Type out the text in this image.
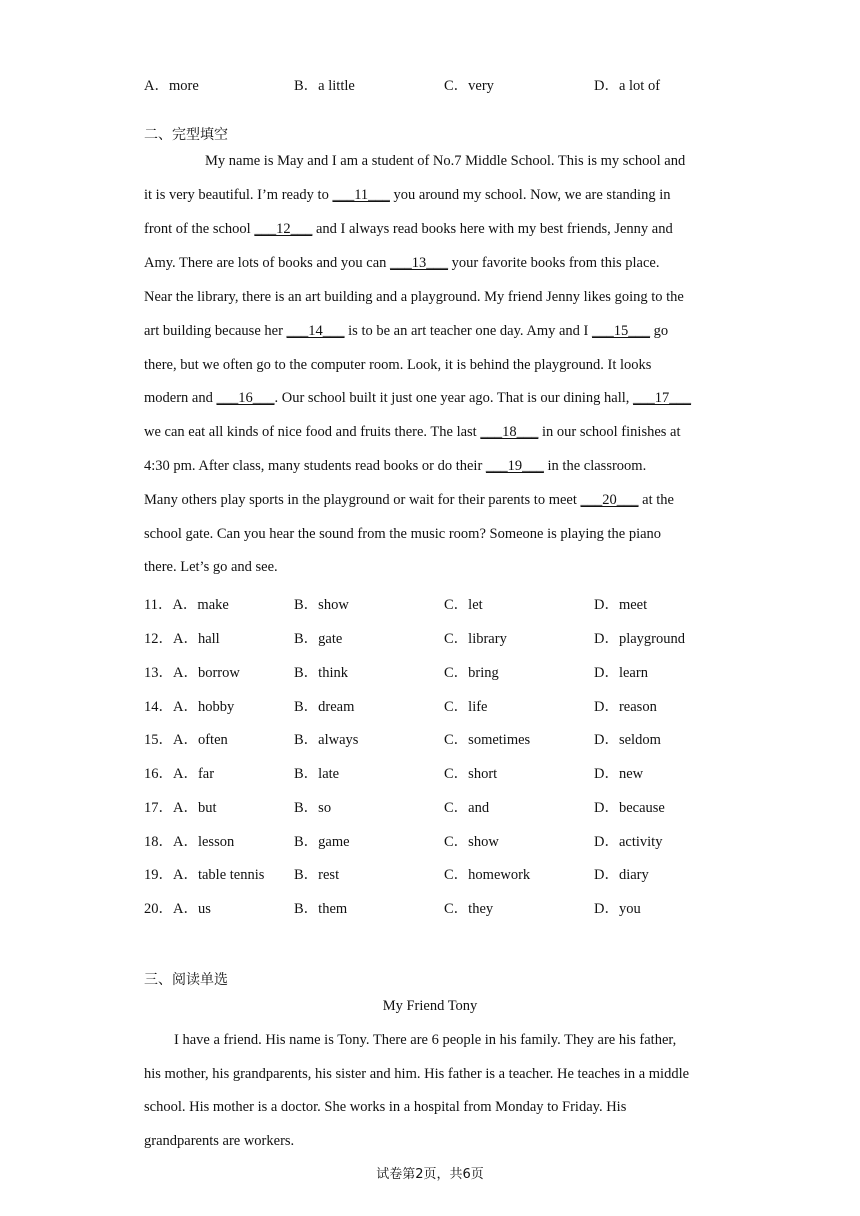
A．more	B．a little	C．very	D．a lot of
二、完型填空
My name is May and I am a student of No.7 Middle School. This is my school and
it is very beautiful. I’m ready to ___11___ you around my school. Now, we are standing in
front of the school ___12___ and I always read books here with my best friends, Jenny and
Amy. There are lots of books and you can ___13___ your favorite books from this place.
Near the library, there is an art building and a playground. My friend Jenny likes going to the
art building because her ___14___ is to be an art teacher one day. Amy and I ___15___ go
there, but we often go to the computer room. Look, it is behind the playground. It looks
modern and ___16___. Our school built it just one year ago. That is our dining hall, ___17___
we can eat all kinds of nice food and fruits there. The last ___18___ in our school finishes at
4:30 pm. After class, many students read books or do their ___19___ in the classroom.
Many others play sports in the playground or wait for their parents to meet ___20___ at the
school gate. Can you hear the sound from the music room? Someone is playing the piano
there. Let’s go and see.
11．A．make	B．show	C．let	D．meet
12．A．hall	B．gate	C．library	D．playground
13．A．borrow	B．think	C．bring	D．learn
14．A．hobby	B．dream	C．life	D．reason
15．A．often	B．always	C．sometimes	D．seldom
16．A．far	B．late	C．short	D．new
17．A．but	B．so	C．and	D．because
18．A．lesson	B．game	C．show	D．activity
19．A．table tennis B．rest	C．homework	D．diary
20．A．us	B．them	C．they	D．you
三、阅读单选
My Friend Tony
I have a friend. His name is Tony. There are 6 people in his family. They are his father,
his mother, his grandparents, his sister and him. His father is a teacher. He teaches in a middle
school. His mother is a doctor. She works in a hospital from Monday to Friday. His
grandparents are workers.
试卷第2页，共6页
